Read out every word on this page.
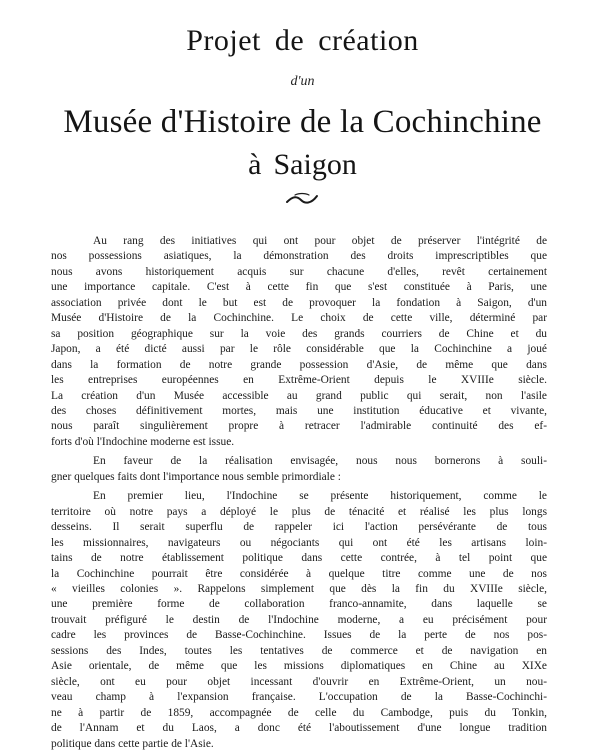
Projet de création
d'un
Musée d'Histoire de la Cochinchine
à Saigon

Au rang des initiatives qui ont pour objet de préserver l'intégrité de
nos possessions asiatiques, la démonstration des droits imprescriptibles que
nous avons historiquement acquis sur chacune d'elles, revêt certainement
une importance capitale. C'est à cette fin que s'est constituée à Paris, une
association privée dont le but est de provoquer la fondation à Saigon, d'un
Musée d'Histoire de la Cochinchine. Le choix de cette ville, déterminé par
sa position géographique sur la voie des grands courriers de Chine et du
Japon, a été dicté aussi par le rôle considérable que la Cochinchine a joué
dans la formation de notre grande possession d'Asie, de même que dans
les entreprises européennes en Extrême-Orient depuis le XVIIIe siècle.
La création d'un Musée accessible au grand public qui serait, non l'asile
des choses définitivement mortes, mais une institution éducative et vivante,
nous paraît singulièrement propre à retracer l'admirable continuité des ef-
forts d'où l'Indochine moderne est issue.

En faveur de la réalisation envisagée, nous nous bornerons à souli-
gner quelques faits dont l'importance nous semble primordiale :

En premier lieu, l'Indochine se présente historiquement, comme le
territoire où notre pays a déployé le plus de ténacité et réalisé les plus longs
desseins. Il serait superflu de rappeler ici l'action persévérante de tous
les missionnaires, navigateurs ou négociants qui ont été les artisans loin-
tains de notre établissement politique dans cette contrée, à tel point que
la Cochinchine pourrait être considérée à quelque titre comme une de nos
« vieilles colonies ». Rappelons simplement que dès la fin du XVIIIe siècle,
une première forme de collaboration franco-annamite, dans laquelle se
trouvait préfiguré le destin de l'Indochine moderne, a eu précisément pour
cadre les provinces de Basse-Cochinchine. Issues de la perte de nos pos-
sessions des Indes, toutes les tentatives de commerce et de navigation en
Asie orientale, de même que les missions diplomatiques en Chine au XIXe
siècle, ont eu pour objet incessant d'ouvrir en Extrême-Orient, un nou-
veau champ à l'expansion française. L'occupation de la Basse-Cochinchi-
ne à partir de 1859, accompagnée de celle du Cambodge, puis du Tonkin,
de l'Annam et du Laos, a donc été l'aboutissement d'une longue tradition
politique dans cette partie de l'Asie.
